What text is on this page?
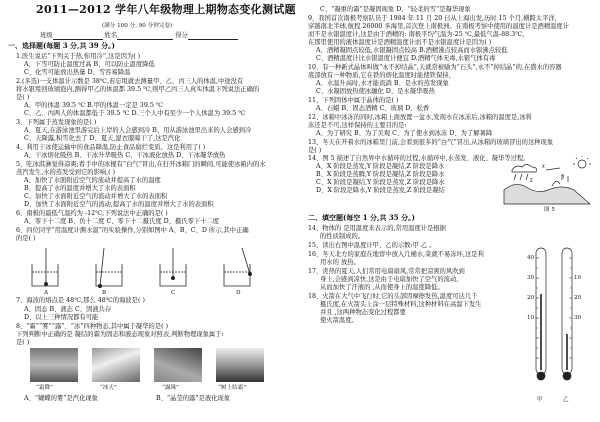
2011—2012 学年八年级物理上期物态变化测试题
(满分 100 分, 90 分钟完卷)
班级	姓名	得分
一、选择题(每题 3 分,共 39 分。)
1.医生说话“下列关于热,你用冷”,这是因为( )
A、下雪可防止温度过高 B、可以防止温度降低
C、化雪可能放出热量 D、雪容易降温
2.(多选)一支体温计示数是 38℃,若忘甩就去测量甲、乙、丙三人的体温,中途没有
将水银甩回玻璃泡内,测得甲乙的体温都 39.5 ℃,则甲乙丙三人真实体温下列说法正确的
是( )
A、甲的体温 39.5 ℃ B.甲的体温一定是 39.5 ℃
C、乙、丙两人的体温都低于 39.5 ℃ D.三个人中有至少一个人体温为 39.5 ℃
3、下列属于蒸发现象的是( )
A、夏天,在游泳池里游完后上岸的人会感到冷 B、用从游泳池里出来的人会感到冷
C、天降露,积雪化去了 D、夏天,湿衣服晾干了,这是汽化
4、利用干冰使运输中的食品降温,防止食品腐烂变质。这是利用了( )
A、干冰熔化吸热 B、干冰升华吸热 C、干冰液化放热 D、干冰凝华放热
5、吃冰淇淋觉得凉爽;看手中的冰棍有“白气”冒出,在打开冰箱门的瞬间,可能使冰箱内的水
蒸汽发生,水的蒸发受到它的影响,( )
A、加快了水面附近空气的流动并提高了水的温度
B、提高了水的温度并增大了水的表面积
C、加快了水面附近空气的流动并增大了水的表面积
D、加快了水面附近空气的流动,提高了水的温度并增大了水的表面积
6、南极的最低气温约为 -12℃,下列说法中正确的是( )
A、零下十二度 B、负十二度 C、零下十二摄氏度 D、摄氏零下十二度
6、四位同学“用温度计测水温”的实验操作,分别如图中 A、B、C、D 所示,其中正确
的是( )
A	B	C	D
7、海波的熔点是 48℃,那么 48℃的海波是( )
A、固态 B、液态 C、固液共存
D、以上三种情况都有可能
8、“霜”“雾”“露”、“冰”四种物态,其中属于凝华的是( )
下列判断中正确的是 凝结的霜为固态和液态现象对照表,判断物理现象属于:
是( )
“霜降”	“冰天”	“露珠”	“树上结霜”
A、“蝴蝶的雾”是汽化现象	B、“晶莹的露”是液化现象
C、“凝重的霜”是凝固现象 D、“轻柔的雪”是凝华现象
9、我国首次南极考察队员于 1984 年 11 月 20 日从上海出发,历时 15 个月,横跨太平洋,
穿越南北半球,航程 26000 多海里,首次登上南极洲。在南极考察中使用的温度计是酒精温度计
而不是水银温度计,这是由于酒精的: 南极平均气温为-25 ℃,最低气温-88.3℃,
在那里使用的液体温度计是酒精温度计而不是水银温度计是因为( )
A、酒精凝固点较低,水银凝固点较高 B.酒精沸点较高而水银沸点较低
C、酒精温度计比水银温度计便宜 D.酒精气体无毒,水银气体有毒
10、有一种新式晶体叫做“永不掉结晶”,天就常被喻为“石头”,永不“掉结晶”的,在盛水的容器
底部放有一种物质,它在铁的熔化温度时能使铁保持,
A、水温升高时,水才能流淌 B、是水的蒸发现象
C、水凝固放热使冰融化 D、是水凝华吸热
11、下列固体中属于晶体的是( )
A、石蜡 B、固态酒精 C、玻璃 D、松香
12、冰箱中冰冻的同时,冰箱上面放置一盆水,发现水在冰冻后,冰箱的温度是,冰将
冻还是不可,这样保持的主要目的是:
A、为了研究 B、为了美观 C、为了使水到冰冻 D、为了解暑降
13、冬天在开着水的冰箱里门前,会看到很多的“白气”冒出,从冰箱的玻璃冒出的这种现象
是( )
14、图 5 描述了自然界中水循环的过程,水循环中,水蒸发、液化、凝华等过程,
A、X 阶段是蒸发,Y 阶段是凝结,Z 阶段是降水
B、X 阶段是蒸腾,Y 阶段是凝结,Z 阶段是降水
C、X 阶段是凝结,Y 阶段是蒸发,Z 阶段是降水
D、X 阶段是降水,Y 阶段是蒸发,Z 阶段是凝结
X
Y
Z
图 5
二、填空题(每空 1 分,共 35 分。)
14、物体的 是用温度来表示的,常用温度计是根据
的性质制成的。
15、读出右图中温度计甲、乙的示数:甲 乙 。
16、冬天北方的家庭在地窖中放入几桶水,菜就不易冻坏,这是利
用水的 放热。
17、炎热的夏天,人们常用电扇扇风,常常把凉爽的风吹到
身上,会感到凉快,这是由于电扇加快了空气的流动,
从而加快了汗液的 ,从而使身上的温度降低。
18、火箭在大气中飞行时,它的头部因摩擦发热,温度可达几千
摄氏度,在火箭头上涂一层特殊材料,这种材料在高温下发生
并且 ,这两种物态变化过程都要
使火箭温度。
40
30
20
10
10
20
30
甲	乙
